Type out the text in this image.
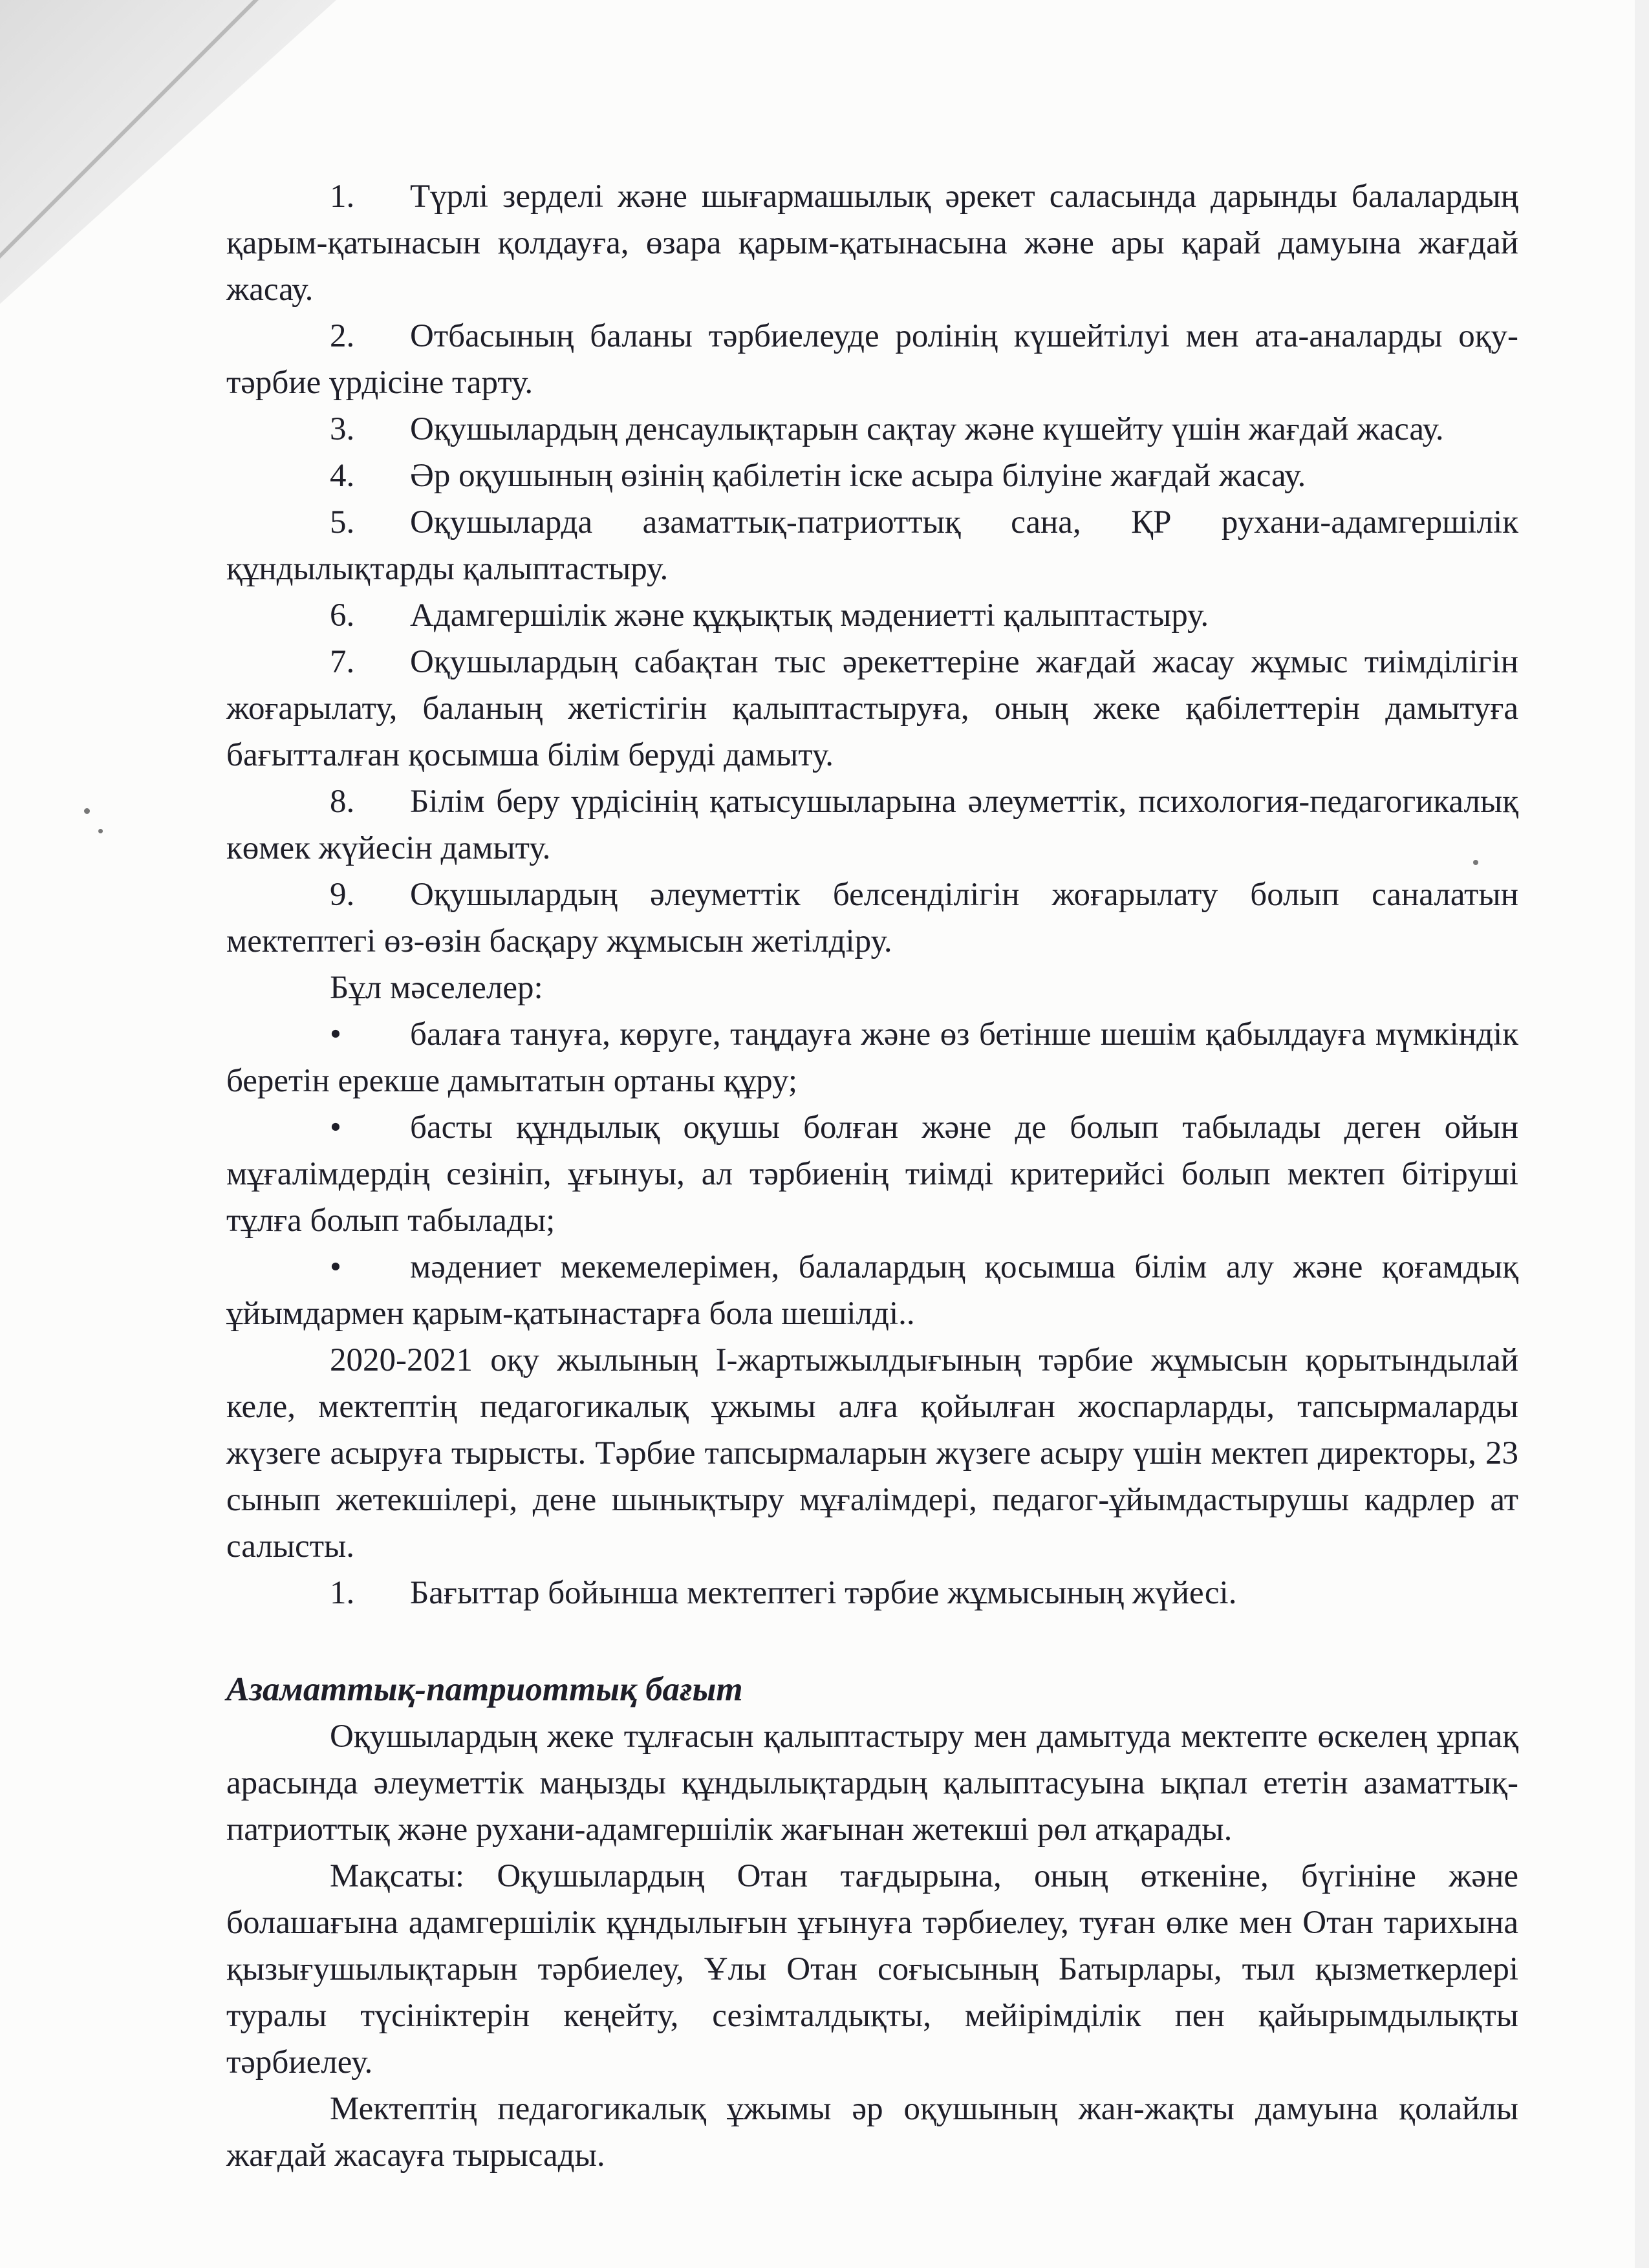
1. Түрлі зерделі және шығармашылық әрекет саласында дарынды балалардың қарым-қатынасын қолдауға, өзара қарым-қатынасына және ары қарай дамуына жағдай жасау.

2. Отбасының баланы тәрбиелеуде ролінің күшейтілуі мен ата-аналарды оқу-тәрбие үрдісіне тарту.

3. Оқушылардың денсаулықтарын сақтау және күшейту үшін жағдай жасау.

4. Әр оқушының өзінің қабілетін іске асыра білуіне жағдай жасау.

5. Оқушыларда азаматтық-патриоттық сана, ҚР рухани-адамгершілік құндылықтарды қалыптастыру.

6. Адамгершілік және құқықтық мәдениетті қалыптастыру.

7. Оқушылардың сабақтан тыс әрекеттеріне жағдай жасау жұмыс тиімділігін жоғарылату, баланың жетістігін қалыптастыруға, оның жеке қабілеттерін дамытуға бағытталған қосымша білім беруді дамыту.

8. Білім беру үрдісінің қатысушыларына әлеуметтік, психология-педагогикалық көмек жүйесін дамыту.

9. Оқушылардың әлеуметтік белсенділігін жоғарылату болып саналатын мектептегі өз-өзін басқару жұмысын жетілдіру.

Бұл мәселелер:

• балаға тануға, көруге, таңдауға және өз бетінше шешім қабылдауға мүмкіндік беретін ерекше дамытатын ортаны құру;

• басты құндылық оқушы болған және де болып табылады деген ойын мұғалімдердің сезініп, ұғынуы, ал тәрбиенің тиімді критерийсі болып мектеп бітіруші тұлға болып табылады;

• мәдениет мекемелерімен, балалардың қосымша білім алу және қоғамдық ұйымдармен қарым-қатынастарға бола шешілді..

2020-2021 оқу жылының І-жартыжылдығының тәрбие жұмысын қорытындылай келе, мектептің педагогикалық ұжымы алға қойылған жоспарларды, тапсырмаларды жүзеге асыруға тырысты. Тәрбие тапсырмаларын жүзеге асыру үшін мектеп директоры, 23 сынып жетекшілері, дене шынықтыру мұғалімдері, педагог-ұйымдастырушы кадрлер ат салысты.

1. Бағыттар бойынша мектептегі тәрбие жұмысының жүйесі.

Азаматтық-патриоттық бағыт

Оқушылардың жеке тұлғасын қалыптастыру мен дамытуда мектепте өскелең ұрпақ арасында әлеуметтік маңызды құндылықтардың қалыптасуына ықпал ететін азаматтық-патриоттық және рухани-адамгершілік жағынан жетекші рөл атқарады.

Мақсаты: Оқушылардың Отан тағдырына, оның өткеніне, бүгініне және болашағына адамгершілік құндылығын ұғынуға тәрбиелеу, туған өлке мен Отан тарихына қызығушылықтарын тәрбиелеу, Ұлы Отан соғысының Батырлары, тыл қызметкерлері туралы түсініктерін кеңейту, сезімталдықты, мейірімділік пен қайырымдылықты тәрбиелеу.

Мектептің педагогикалық ұжымы әр оқушының жан-жақты дамуына қолайлы жағдай жасауға тырысады.
